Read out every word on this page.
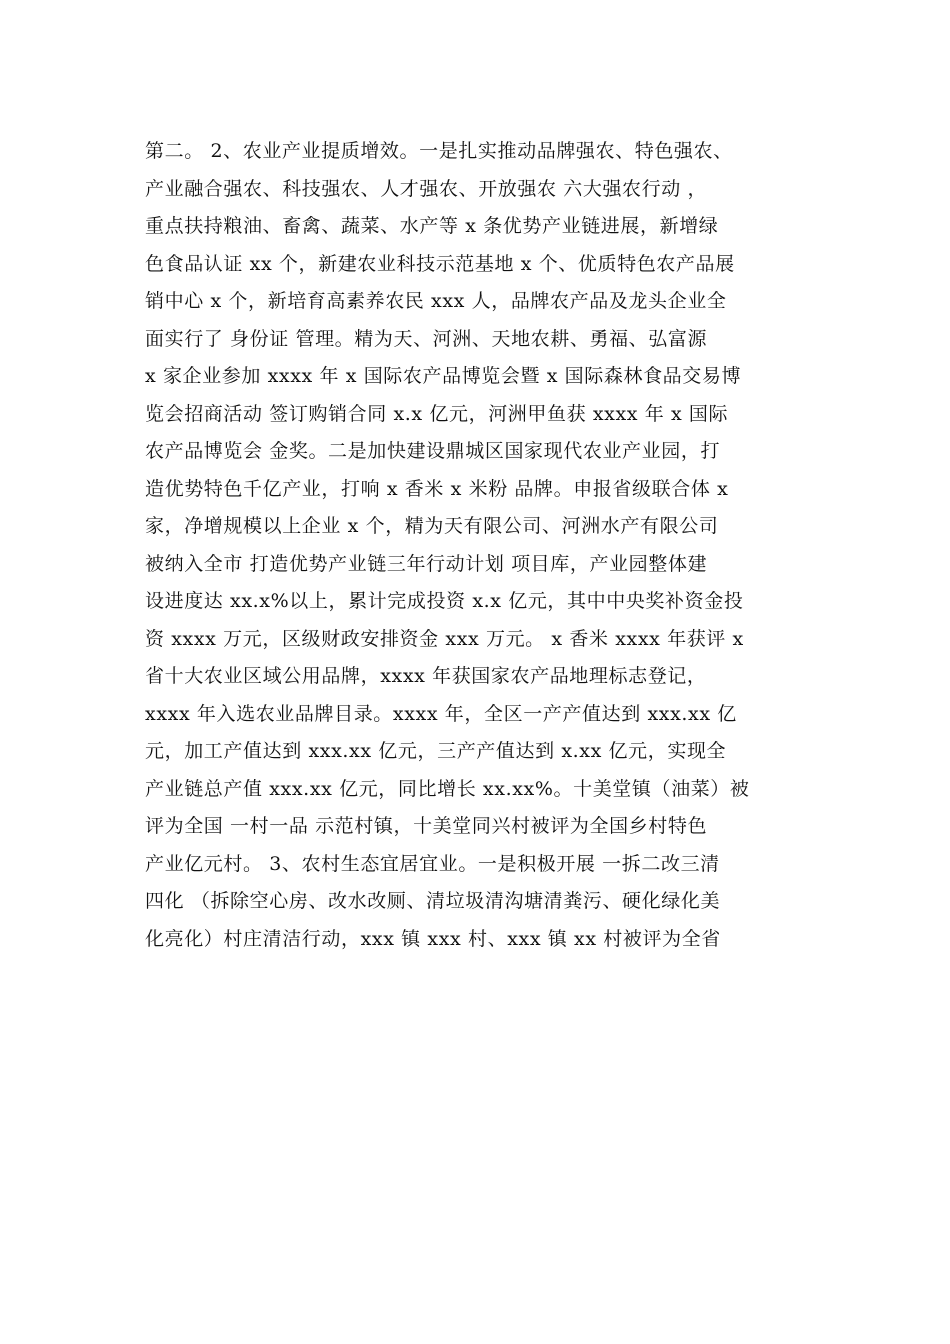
第二。 2、农业产业提质增效。一是扎实推动品牌强农、特色强农、
产业融合强农、科技强农、人才强农、开放强农 六大强农行动 ，
重点扶持粮油、畜禽、蔬菜、水产等 x 条优势产业链进展，新增绿
色食品认证 xx 个，新建农业科技示范基地 x 个、优质特色农产品展
销中心 x 个，新培育高素养农民 xxx 人，品牌农产品及龙头企业全
面实行了 身份证 管理。精为天、河洲、天地农耕、勇福、弘富源
x 家企业参加 xxxx 年 x 国际农产品博览会暨 x 国际森林食品交易博
览会招商活动 签订购销合同 x.x 亿元，河洲甲鱼获 xxxx 年 x 国际
农产品博览会 金奖。二是加快建设鼎城区国家现代农业产业园，打
造优势特色千亿产业，打响 x 香米 x 米粉 品牌。申报省级联合体 x
家，净增规模以上企业 x 个，精为天有限公司、河洲水产有限公司
被纳入全市 打造优势产业链三年行动计划 项目库，产业园整体建
设进度达 xx.x%以上，累计完成投资 x.x 亿元，其中中央奖补资金投
资 xxxx 万元，区级财政安排资金 xxx 万元。 x 香米 xxxx 年获评 x
省十大农业区域公用品牌，xxxx 年获国家农产品地理标志登记，
xxxx 年入选农业品牌目录。xxxx 年，全区一产产值达到 xxx.xx 亿
元，加工产值达到 xxx.xx 亿元，三产产值达到 x.xx 亿元，实现全
产业链总产值 xxx.xx 亿元，同比增长 xx.xx%。十美堂镇（油菜）被
评为全国 一村一品 示范村镇，十美堂同兴村被评为全国乡村特色
产业亿元村。 3、农村生态宜居宜业。一是积极开展 一拆二改三清
四化 （拆除空心房、改水改厕、清垃圾清沟塘清粪污、硬化绿化美
化亮化）村庄清洁行动，xxx 镇 xxx 村、xxx 镇 xx 村被评为全省
